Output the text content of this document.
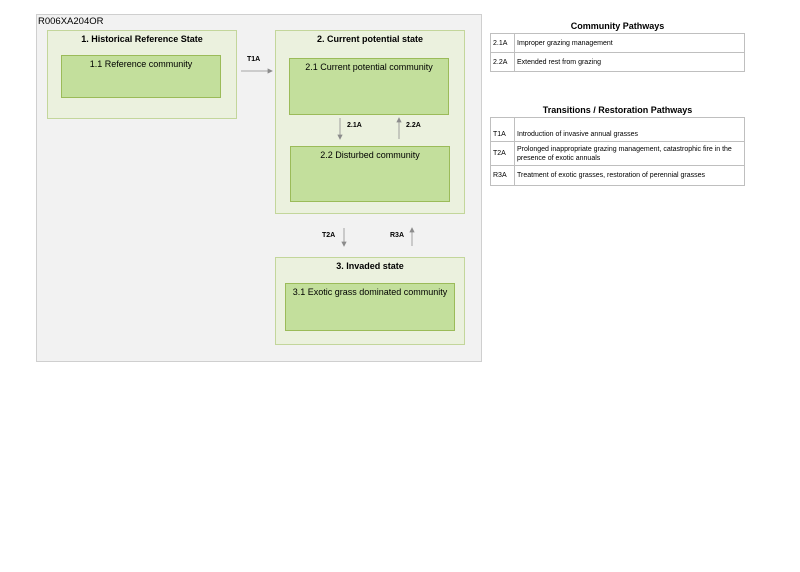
R006XA204OR
1. Historical Reference State
1.1 Reference community
2. Current potential state
2.1 Current potential community
2.2 Disturbed community
3. Invaded state
3.1 Exotic grass dominated community
T1A
2.1A	2.2A
T2A	R3A
Community Pathways
2.1A	Improper grazing management
2.2A	Extended rest from grazing
Transitions / Restoration Pathways
T1A	Introduction of invasive annual grasses
T2A	Prolonged inappropriate grazing management, catastrophic fire in the presence of exotic annuals
R3A	Treatment of exotic grasses, restoration of perennial grasses
